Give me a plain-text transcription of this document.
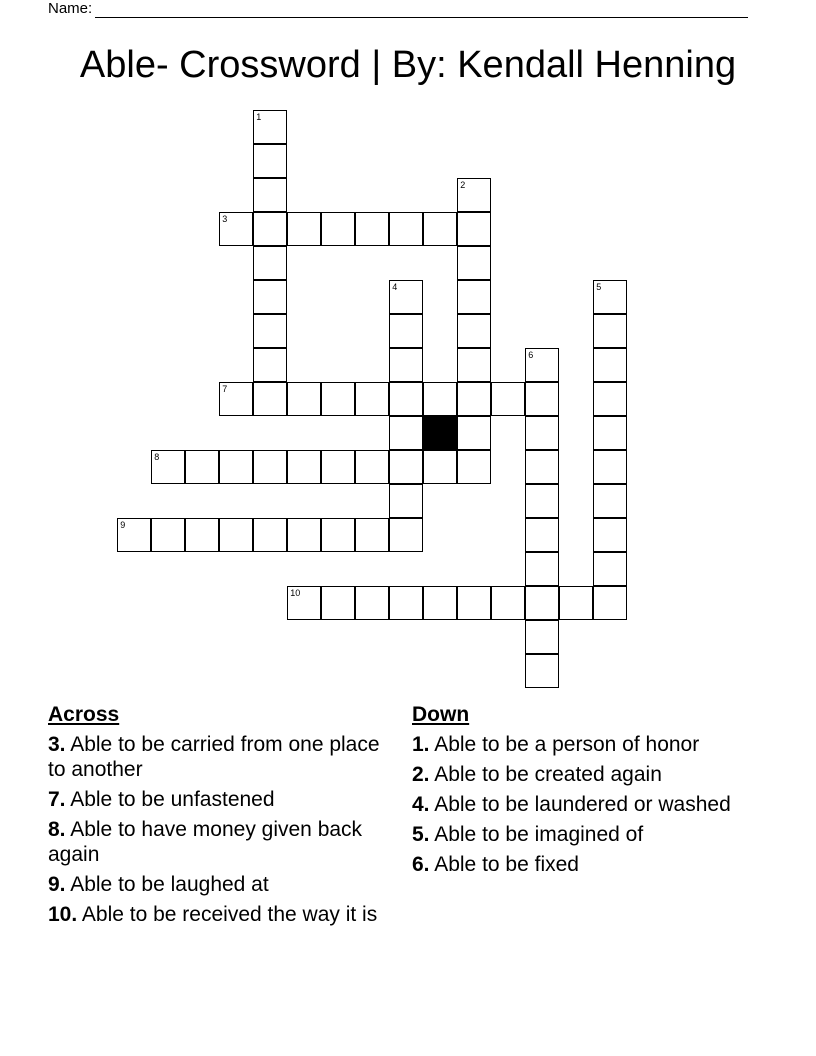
Name:
Able- Crossword | By: Kendall Henning
1
2
3
4	5
6
7
8
9
10
Across
3. Able to be carried from one place to another
7. Able to be unfastened
8. Able to have money given back again
9. Able to be laughed at
10. Able to be received the way it is
Down
1. Able to be a person of honor
2. Able to be created again
4. Able to be laundered or washed
5. Able to be imagined of
6. Able to be fixed
